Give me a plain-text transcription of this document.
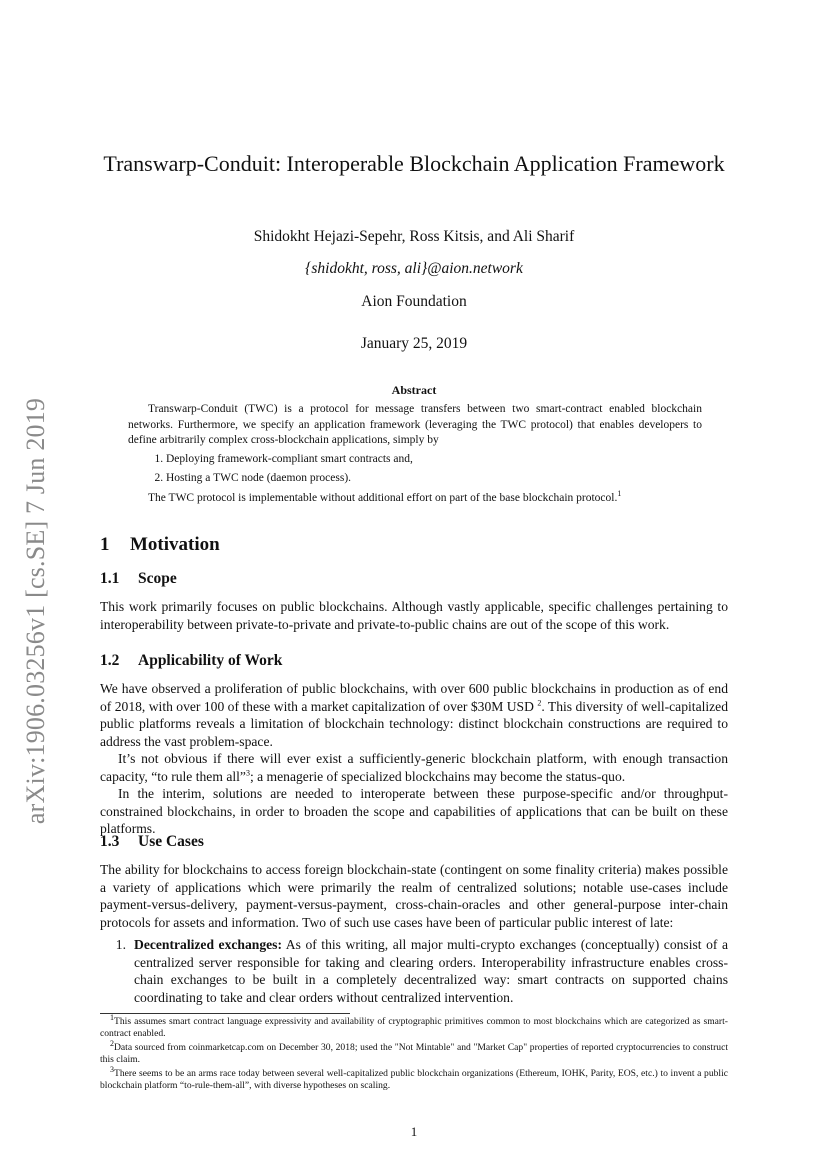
arXiv:1906.03256v1 [cs.SE] 7 Jun 2019
Transwarp-Conduit: Interoperable Blockchain Application Framework
Shidokht Hejazi-Sepehr, Ross Kitsis, and Ali Sharif
{shidokht, ross, ali}@aion.network
Aion Foundation
January 25, 2019
Abstract

Transwarp-Conduit (TWC) is a protocol for message transfers between two smart-contract enabled blockchain networks. Furthermore, we specify an application framework (leveraging the TWC protocol) that enables developers to define arbitrarily complex cross-blockchain applications, simply by

1. Deploying framework-compliant smart contracts and,
2. Hosting a TWC node (daemon process).

The TWC protocol is implementable without additional effort on part of the base blockchain protocol.$^1$

1 Motivation
1.1 Scope

This work primarily focuses on public blockchains. Although vastly applicable, specific challenges pertaining to interoperability between private-to-private and private-to-public chains are out of the scope of this work.

1.2 Applicability of Work

We have observed a proliferation of public blockchains, with over 600 public blockchains in production as of end of 2018, with over 100 of these with a market capitalization of over $30M USD $^2$. This diversity of well-capitalized public platforms reveals a limitation of blockchain technology: distinct blockchain constructions are required to address the vast problem-space.

It’s not obvious if there will ever exist a sufficiently-generic blockchain platform, with enough transaction capacity, “to rule them all”$^3$; a menagerie of specialized blockchains may become the status-quo.

In the interim, solutions are needed to interoperate between these purpose-specific and/or throughput-constrained blockchains, in order to broaden the scope and capabilities of applications that can be built on these platforms.

1.3 Use Cases

The ability for blockchains to access foreign blockchain-state (contingent on some finality criteria) makes possible a variety of applications which were primarily the realm of centralized solutions; notable use-cases include payment-versus-delivery, payment-versus-payment, cross-chain-oracles and other general-purpose inter-chain protocols for assets and information. Two of such use cases have been of particular public interest of late:

1. Decentralized exchanges: As of this writing, all major multi-crypto exchanges (conceptually) consist of a centralized server responsible for taking and clearing orders. Interoperability infrastructure enables cross-chain exchanges to be built in a completely decentralized way: smart contracts on supported chains coordinating to take and clear orders without centralized intervention.

$^1$This assumes smart contract language expressivity and availability of cryptographic primitives common to most blockchains which are categorized as smart-contract enabled.

$^2$Data sourced from coinmarketcap.com on December 30, 2018; used the "Not Mintable" and "Market Cap" properties of reported cryptocurrencies to construct this claim.

$^3$There seems to be an arms race today between several well-capitalized public blockchain organizations (Ethereum, IOHK, Parity, EOS, etc.) to invent a public blockchain platform “to-rule-them-all”, with diverse hypotheses on scaling.

1
